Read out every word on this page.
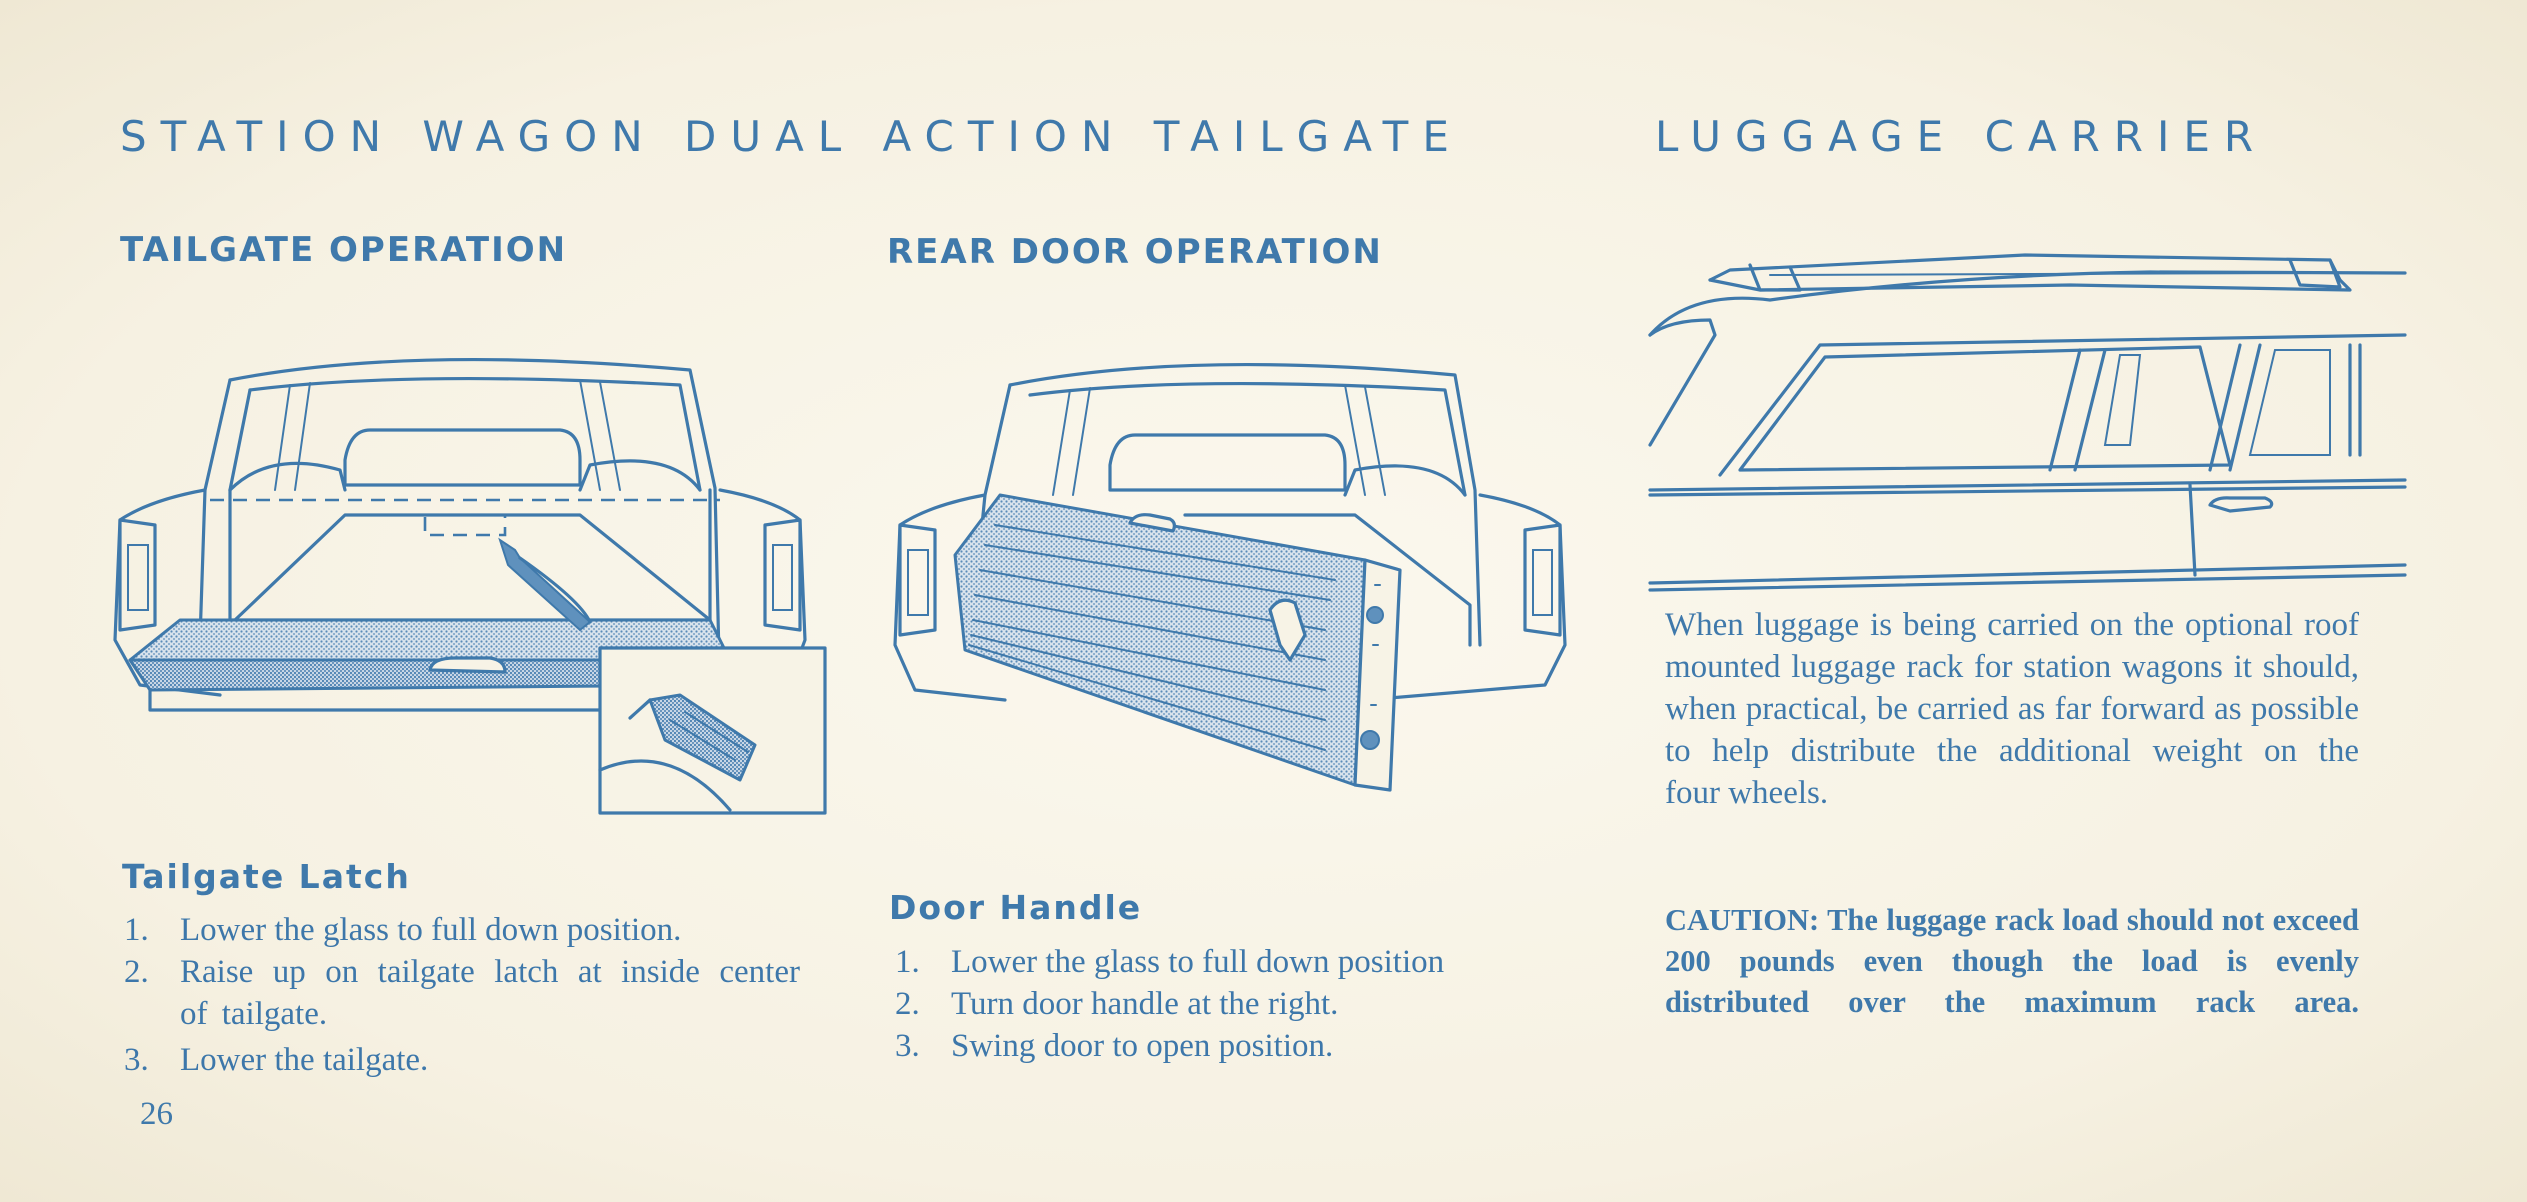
STATION WAGON DUAL ACTION TAILGATE	LUGGAGE CARRIER
TAILGATE OPERATION	REAR DOOR OPERATION
Tailgate Latch
Door Handle
1. Lower the glass to full down position.
2. Raise up on tailgate latch at inside center of tailgate.
3. Lower the tailgate.
1. Lower the glass to full down position
2. Turn door handle at the right.
3. Swing door to open position.

When luggage is being carried on the optional roof mounted luggage rack for station wagons it should, when practical, be carried as far forward as possible to help distribute the additional weight on the
four wheels.

CAUTION: The luggage rack load should not exceed 200 pounds even though the load is evenly distributed over the maximum rack area.

26
